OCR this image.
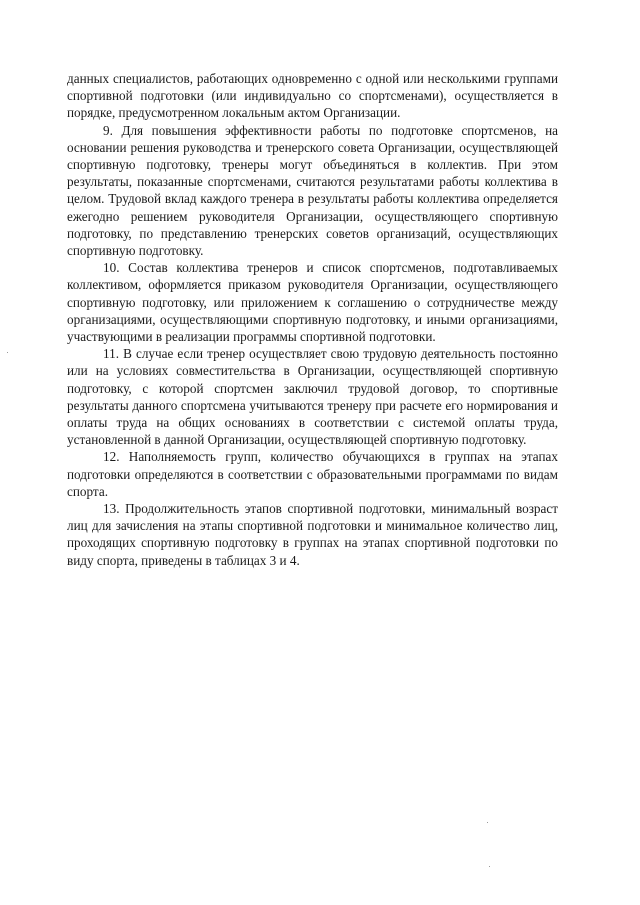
данных специалистов, работающих одновременно с одной или несколькими группами спортивной подготовки (или индивидуально со спортсменами), осуществляется в порядке, предусмотренном локальным актом Организации.

9. Для повышения эффективности работы по подготовке спортсменов, на основании решения руководства и тренерского совета Организации, осуществляющей спортивную подготовку, тренеры могут объединяться в коллектив. При этом результаты, показанные спортсменами, считаются результатами работы коллектива в целом. Трудовой вклад каждого тренера в результаты работы коллектива определяется ежегодно решением руководителя Организации, осуществляющего спортивную подготовку, по представлению тренерских советов организаций, осуществляющих спортивную подготовку.

10. Состав коллектива тренеров и список спортсменов, подготавливаемых коллективом, оформляется приказом руководителя Организации, осуществляющего спортивную подготовку, или приложением к соглашению о сотрудничестве между организациями, осуществляющими спортивную подготовку, и иными организациями, участвующими в реализации программы спортивной подготовки.

11. В случае если тренер осуществляет свою трудовую деятельность постоянно или на условиях совместительства в Организации, осуществляющей спортивную подготовку, с которой спортсмен заключил трудовой договор, то спортивные результаты данного спортсмена учитываются тренеру при расчете его нормирования и оплаты труда на общих основаниях в соответствии с системой оплаты труда, установленной в данной Организации, осуществляющей спортивную подготовку.

12. Наполняемость групп, количество обучающихся в группах на этапах подготовки определяются в соответствии с образовательными программами по видам спорта.

13. Продолжительность этапов спортивной подготовки, минимальный возраст лиц для зачисления на этапы спортивной подготовки и минимальное количество лиц, проходящих спортивную подготовку в группах на этапах спортивной подготовки по виду спорта, приведены в таблицах 3 и 4.
